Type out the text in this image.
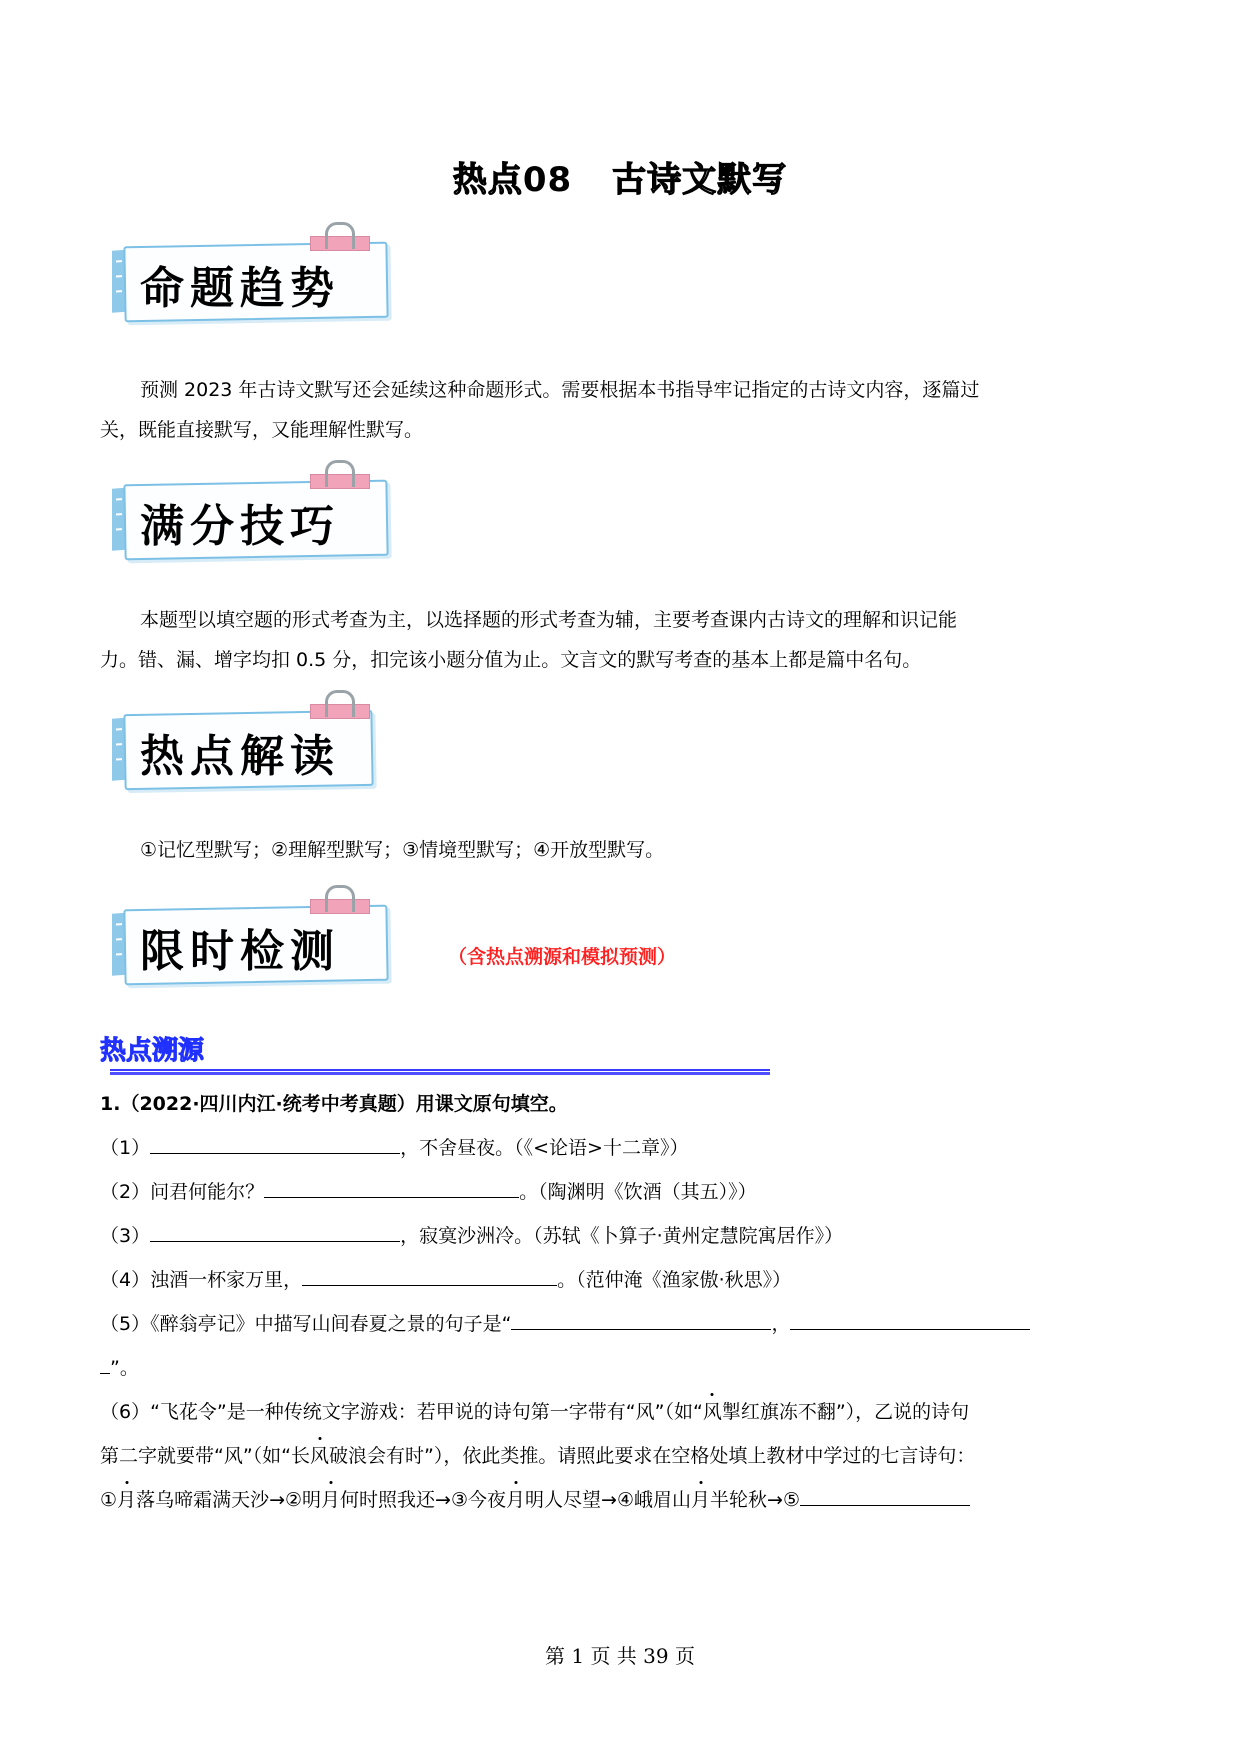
热点08 古诗文默写
命题趋势
预测 2023 年古诗文默写还会延续这种命题形式。需要根据本书指导牢记指定的古诗文内容，逐篇过
关，既能直接默写，又能理解性默写。
满分技巧
本题型以填空题的形式考查为主，以选择题的形式考查为辅，主要考查课内古诗文的理解和识记能
力。错、漏、增字均扣 0.5 分，扣完该小题分值为止。文言文的默写考查的基本上都是篇中名句。
热点解读
①记忆型默写；②理解型默写；③情境型默写；④开放型默写。
限时检测	（含热点溯源和模拟预测）
热点溯源
1.（2022·四川内江·统考中考真题）用课文原句填空。
（1）	，不舍昼夜。（《<论语>十二章》）
（2）问君何能尔？	。（陶渊明《饮酒（其五）》）
（3）	，寂寞沙洲冷。（苏轼《卜算子·黄州定慧院寓居作》）
（4）浊酒一杯家万里，	。（范仲淹《渔家傲·秋思》）
（5）《醉翁亭记》中描写山间春夏之景的句子是“	，
”。
（6）“飞花令”是一种传统文字游戏：若甲说的诗句第一字带有“风”（如“风掣红旗冻不翻”），乙说的诗句
第二字就要带“风”（如“长风破浪会有时”），依此类推。请照此要求在空格处填上教材中学过的七言诗句：
①月落乌啼霜满天沙→②明月何时照我还→③今夜月明人尽望→④峨眉山月半轮秋→⑤
第 1 页 共 39 页
